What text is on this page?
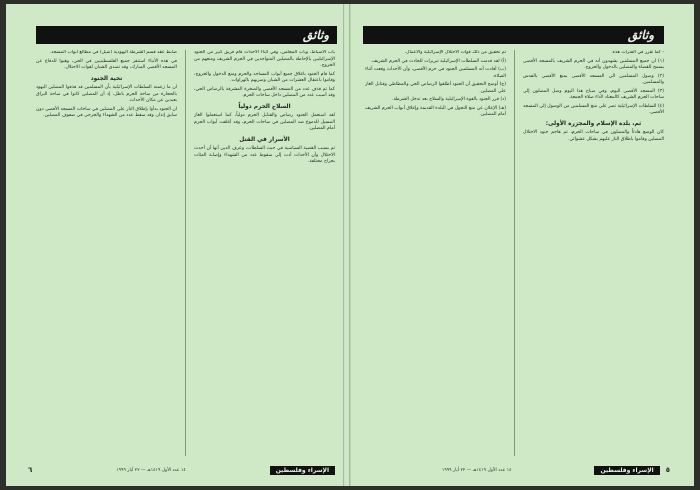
وثائق

باب الأسباط، وباب المجلس، وفي أثناء الأحداث قام فريق كبير من الجنود الإسرائيليين بالإحاطة بالمصلين المتواجدين في الحرم الشريف ومنعهم من الخروج.

كما قام الجنود باغلاق جميع أبواب المساجد والحرم ومنع الدخول والخروج، وقاموا باعتقال العشرات من الشبان وضربهم بالهراوات.

كما تم قذف عدد من المسجد الأقصى والصخرة المشرفة بالرصاص الحي، وقد أصيب عدد من المصلين داخل ساحات الحرم.

السلاح الحرم دولياً

لقد استعمل الجنود رصاص والقنابل الحرم دولياً، كما استعملوا الغاز المسيل للدموع ضد المصلين في ساحات الحرم، وقد أغلقت أبواب الحرم أمام المصلين.

الأسرار في القتل

ثم بسبب القضية السياسية في حيث السلطات، وعرف الدين أنها أن أحدث الاحتلال وأن الأحداث أدت إلى سقوط عدد من الشهداء وإصابة المئات بجراح مختلفة.

ضابط عقد قسم الشرطة اليهودية (شيل) في مطالع أبواب المسجد.

في هذه الأنباء استنفر جميع الفلسطينيين في الحي، وهبوا للدفاع عن المسجد الأقصى المبارك، وقد تصدى الشبان لقوات الاحتلال.

تحية الجنود

ان ما زعمته السلطات الإسرائيلية بأن المسلمين قد قذفوا المصلين اليهود بالحجارة من ساحة الحرم باطل، إذ أن المصلين كانوا في ساحة البراق بعيدين عن مكان الأحداث.

ان الجنود بدأوا بإطلاق النار على المصلين في ساحات المسجد الأقصى دون سابق إنذار، وقد سقط عدد من الشهداء والجرحى في صفوف المصلين.

٦	١٤ عدد الأول ١٤١٩هـ — ٢٢ أيار ١٩٩٩	الإسراء وفلسطين
وثائق

- كما تقرر في الفترات هذه.

(١) ان جميع المسلمين يشهدون أنه في الحرم الشريف بالمسجد الأقصى يسمح للقضاة والمصلين بالدخول والخروج.

(٢) وصول المسلمين الى المسجد الأقصى يمنع الأقصى بالقدس والمسلمين.

(٣) المسجد الأقصى اليوم، وفي صباح هذا اليوم وصل المصلون إلى ساحات الحرم الشريف كالمعتاد لأداء صلاة الجمعة.

(٤) السلطات الإسرائيلية تصر على منع المسلمين من الوصول إلى المسجد الأقصى.

ثم، بلدة الإسلام والمجزرة الأولى:

كان الوضع هادئاً والمصلون في ساحات الحرم، ثم هاجم جنود الاحتلال المصلين وقاموا باطلاق النار عليهم بشكل عشوائي.

تم تحقيق من ذلك قوات الاحتلال الإسرائيلية والأعمال.

(أ) لقد قدمت السلطات الإسرائيلية تبريرات للحادث في الحرم الشريف.

(ب) أفادت أنه المسلمين الجنود في حرم الأقصى، وأن الأحداث وقعت أثناء الصلاة.

(ج) أوضح التحقيق أن الجنود أطلقوا الرصاص الحي والمطاطي وقنابل الغاز على المصلين.

(د) قرر الجنود بالقوة الإسرائيلية والسلاح بعد تدخل الشرطة.

(هـ) الإعلان عن منع التجول في البلدة القديمة وإغلاق أبواب الحرم الشريف أمام المصلين.

١٤ عدد الأول ١٤١٩هـ — ٢٢ أيار ١٩٩٩	الإسراء وفلسطين	٥
